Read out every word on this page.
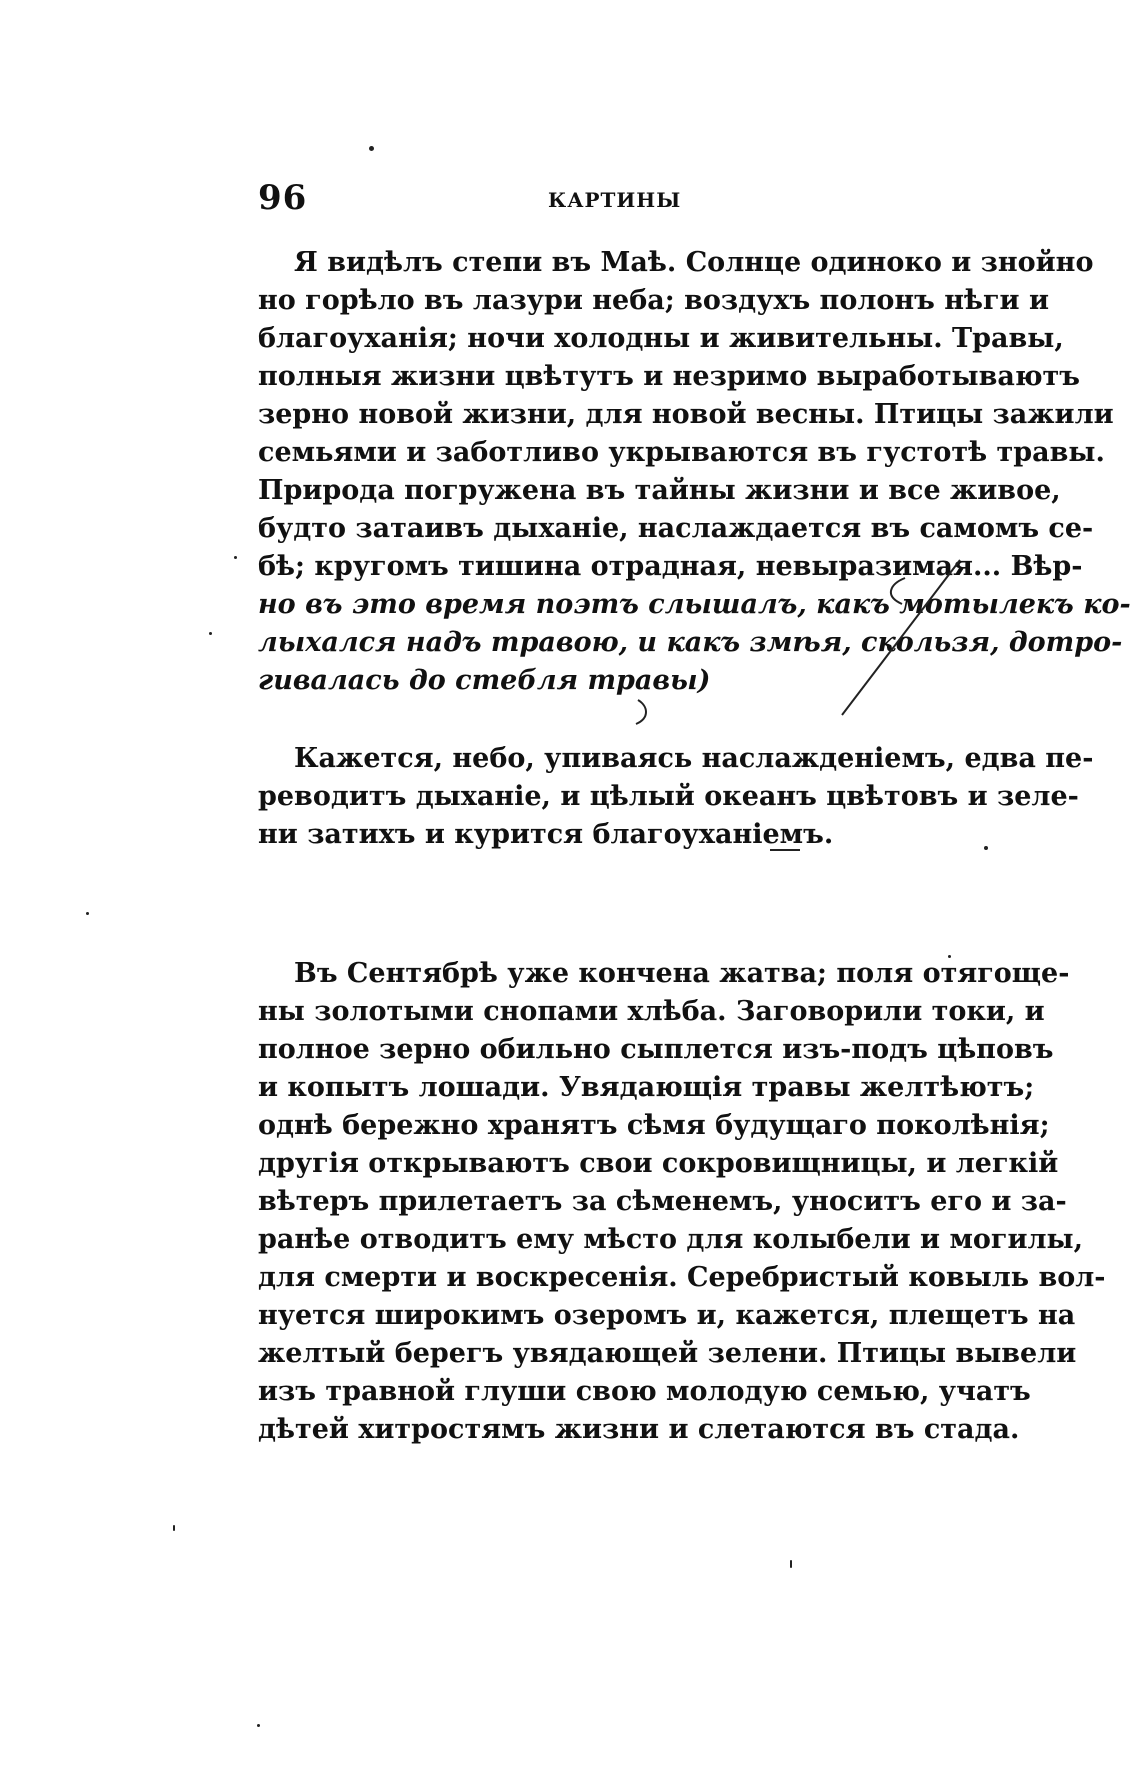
96	КАРТИНЫ
Я видѣлъ степи въ Маѣ. Солнце одиноко и знойно
но горѣло въ лазури неба; воздухъ полонъ нѣги и
благоуханія; ночи холодны и живительны. Травы,
полныя жизни цвѣтутъ и незримо выработываютъ
зерно новой жизни, для новой весны. Птицы зажили
семьями и заботливо укрываются въ густотѣ травы.
Природа погружена въ тайны жизни и все живое,
будто затаивъ дыханіе, наслаждается въ самомъ се-
бѣ; кругомъ тишина отрадная, невыразимая... Вѣр-
но въ это время поэтъ слышалъ, какъ мотылекъ ко-
лыхался надъ травою, и какъ змѣя, скользя, дотро-
гивалась до стебля травы)
Кажется, небо, упиваясь наслажденіемъ, едва пе-
реводитъ дыханіе, и цѣлый океанъ цвѣтовъ и зеле-
ни затихъ и курится благоуханіемъ.
Въ Сентябрѣ уже кончена жатва; поля отягоще-
ны золотыми снопами хлѣба. Заговорили токи, и
полное зерно обильно сыплется изъ-подъ цѣповъ
и копытъ лошади. Увядающія травы желтѣютъ;
однѣ бережно хранятъ сѣмя будущаго поколѣнія;
другія открываютъ свои сокровищницы, и легкій
вѣтеръ прилетаетъ за сѣменемъ, уноситъ его и за-
ранѣе отводитъ ему мѣсто для колыбели и могилы,
для смерти и воскресенія. Серебристый ковыль вол-
нуется широкимъ озеромъ и, кажется, плещетъ на
желтый берегъ увядающей зелени. Птицы вывели
изъ травной глуши свою молодую семью, учатъ
дѣтей хитростямъ жизни и слетаются въ стада.
